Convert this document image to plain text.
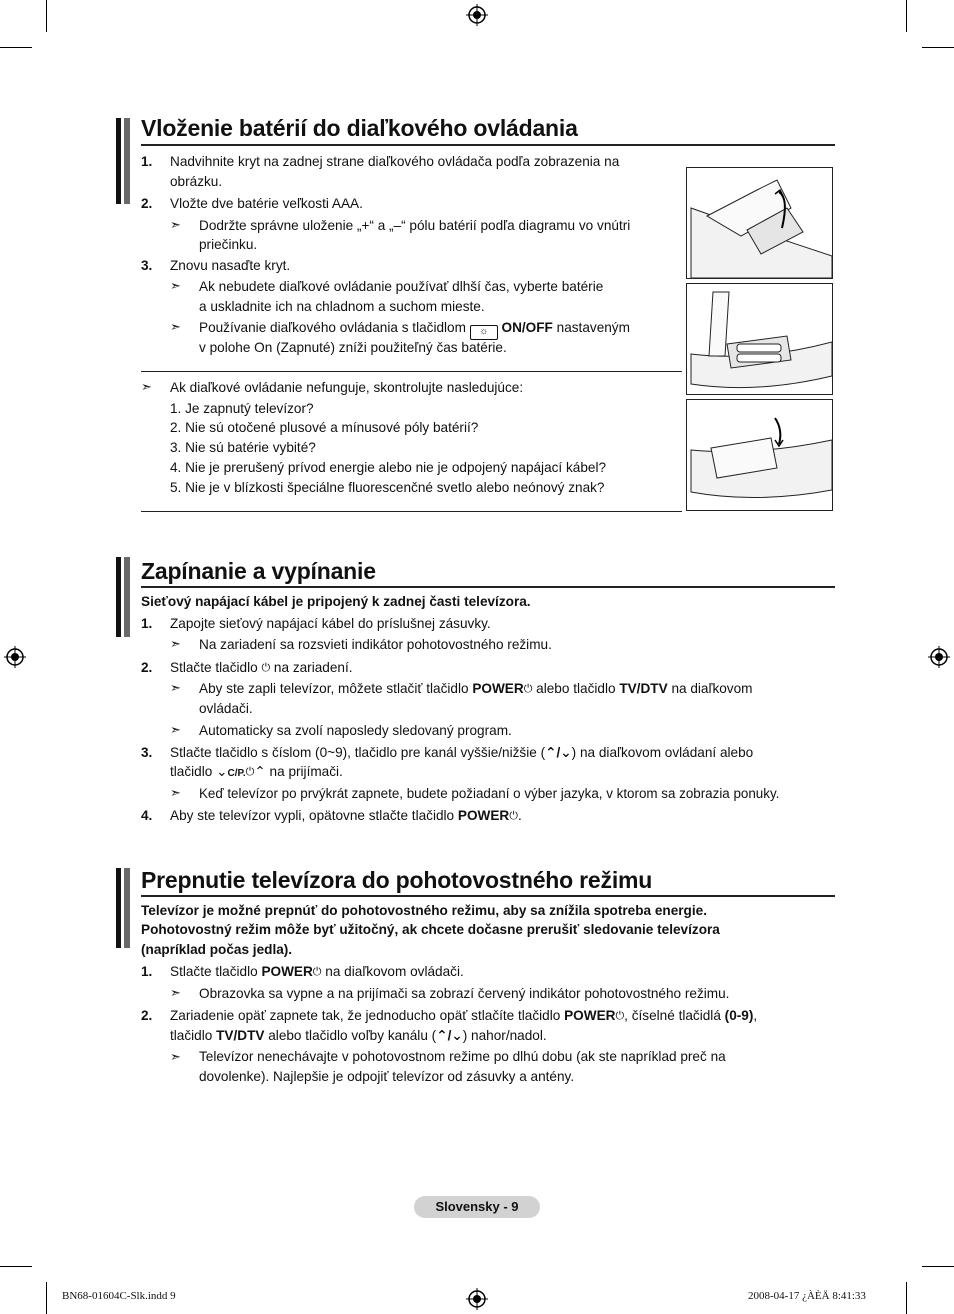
Vloženie batérií do diaľkového ovládania
1. Nadvihnite kryt na zadnej strane diaľkového ovládača podľa zobrazenia na
obrázku.
2. Vložte dve batérie veľkosti AAA.
➣ Dodržte správne uloženie „+“ a „–“ pólu batérií podľa diagramu vo vnútri
priečinku.
3. Znovu nasaďte kryt.
➣ Ak nebudete diaľkové ovládanie používať dlhší čas, vyberte batérie
a uskladnite ich na chladnom a suchom mieste.
➣ Používanie diaľkového ovládania s tlačidlom ☼ ON/OFF nastaveným
v polohe On (Zapnuté) zníži použiteľný čas batérie.
➣ Ak diaľkové ovládanie nefunguje, skontrolujte nasledujúce:
1. Je zapnutý televízor?
2. Nie sú otočené plusové a mínusové póly batérií?
3. Nie sú batérie vybité?
4. Nie je prerušený prívod energie alebo nie je odpojený napájací kábel?
5. Nie je v blízkosti špeciálne fluorescenčné svetlo alebo neónový znak?
Zapínanie a vypínanie
Sieťový napájací kábel je pripojený k zadnej časti televízora.
1. Zapojte sieťový napájací kábel do príslušnej zásuvky.
➣ Na zariadení sa rozsvieti indikátor pohotovostného režimu.
2. Stlačte tlačidlo ⏻ na zariadení.
➣ Aby ste zapli televízor, môžete stlačiť tlačidlo POWER⏻ alebo tlačidlo TV/DTV na diaľkovom
ovládači.
➣ Automaticky sa zvolí naposledy sledovaný program.
3. Stlačte tlačidlo s číslom (0~9), tlačidlo pre kanál vyššie/nižšie (⌃/⌄) na diaľkovom ovládaní alebo
tlačidlo ⌄C/P.⏻⌃ na prijímači.
➣ Keď televízor po prvýkrát zapnete, budete požiadaní o výber jazyka, v ktorom sa zobrazia ponuky.
4. Aby ste televízor vypli, opätovne stlačte tlačidlo POWER⏻.
Prepnutie televízora do pohotovostného režimu
Televízor je možné prepnúť do pohotovostného režimu, aby sa znížila spotreba energie.
Pohotovostný režim môže byť užitočný, ak chcete dočasne prerušiť sledovanie televízora
(napríklad počas jedla).
1. Stlačte tlačidlo POWER⏻ na diaľkovom ovládači.
➣ Obrazovka sa vypne a na prijímači sa zobrazí červený indikátor pohotovostného režimu.
2. Zariadenie opäť zapnete tak, že jednoducho opäť stlačíte tlačidlo POWER⏻, číselné tlačidlá (0-9),
tlačidlo TV/DTV alebo tlačidlo voľby kanálu (⌃/⌄) nahor/nadol.
➣ Televízor nenechávajte v pohotovostnom režime po dlhú dobu (ak ste napríklad preč na
dovolenke). Najlepšie je odpojiť televízor od zásuvky a antény.
Slovensky - 9
BN68-01604C-Slk.indd 9	2008-04-17 ¿ÀÈÄ 8:41:33
